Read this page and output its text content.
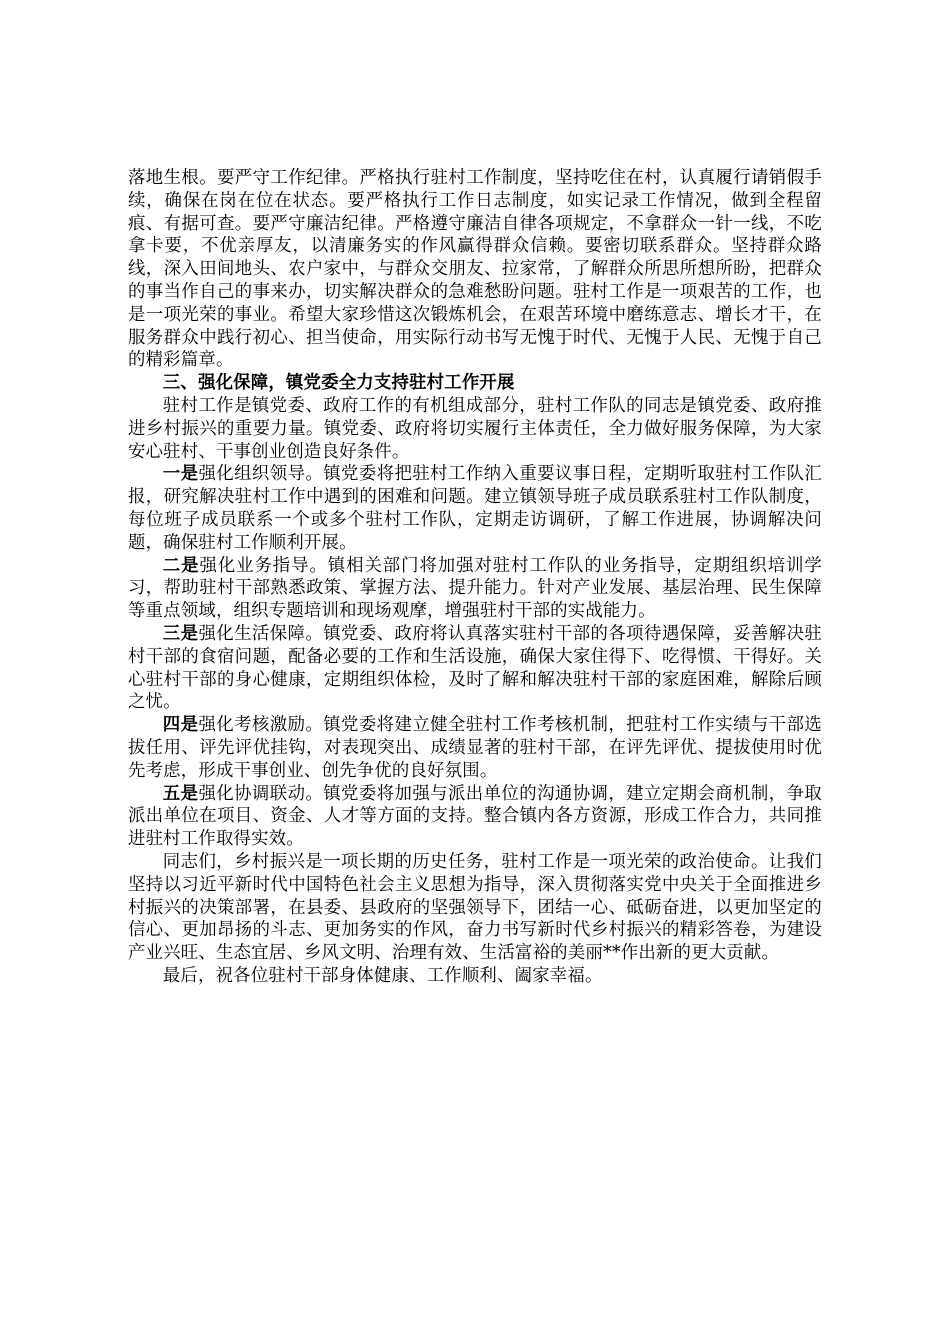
落地生根。要严守工作纪律。严格执行驻村工作制度，坚持吃住在村，认真履行请销假手续，确保在岗在位在状态。要严格执行工作日志制度，如实记录工作情况，做到全程留痕、有据可查。要严守廉洁纪律。严格遵守廉洁自律各项规定，不拿群众一针一线，不吃拿卡要，不优亲厚友，以清廉务实的作风赢得群众信赖。要密切联系群众。坚持群众路线，深入田间地头、农户家中，与群众交朋友、拉家常，了解群众所思所想所盼，把群众的事当作自己的事来办，切实解决群众的急难愁盼问题。驻村工作是一项艰苦的工作，也是一项光荣的事业。希望大家珍惜这次锻炼机会，在艰苦环境中磨练意志、增长才干，在服务群众中践行初心、担当使命，用实际行动书写无愧于时代、无愧于人民、无愧于自己的精彩篇章。

三、强化保障，镇党委全力支持驻村工作开展

驻村工作是镇党委、政府工作的有机组成部分，驻村工作队的同志是镇党委、政府推进乡村振兴的重要力量。镇党委、政府将切实履行主体责任，全力做好服务保障，为大家安心驻村、干事创业创造良好条件。

一是强化组织领导。镇党委将把驻村工作纳入重要议事日程，定期听取驻村工作队汇报，研究解决驻村工作中遇到的困难和问题。建立镇领导班子成员联系驻村工作队制度，每位班子成员联系一个或多个驻村工作队，定期走访调研，了解工作进展，协调解决问题，确保驻村工作顺利开展。

二是强化业务指导。镇相关部门将加强对驻村工作队的业务指导，定期组织培训学习，帮助驻村干部熟悉政策、掌握方法、提升能力。针对产业发展、基层治理、民生保障等重点领域，组织专题培训和现场观摩，增强驻村干部的实战能力。

三是强化生活保障。镇党委、政府将认真落实驻村干部的各项待遇保障，妥善解决驻村干部的食宿问题，配备必要的工作和生活设施，确保大家住得下、吃得惯、干得好。关心驻村干部的身心健康，定期组织体检，及时了解和解决驻村干部的家庭困难，解除后顾之忧。

四是强化考核激励。镇党委将建立健全驻村工作考核机制，把驻村工作实绩与干部选拔任用、评先评优挂钩，对表现突出、成绩显著的驻村干部，在评先评优、提拔使用时优先考虑，形成干事创业、创先争优的良好氛围。

五是强化协调联动。镇党委将加强与派出单位的沟通协调，建立定期会商机制，争取派出单位在项目、资金、人才等方面的支持。整合镇内各方资源，形成工作合力，共同推进驻村工作取得实效。

同志们，乡村振兴是一项长期的历史任务，驻村工作是一项光荣的政治使命。让我们坚持以习近平新时代中国特色社会主义思想为指导，深入贯彻落实党中央关于全面推进乡村振兴的决策部署，在县委、县政府的坚强领导下，团结一心、砥砺奋进，以更加坚定的信心、更加昂扬的斗志、更加务实的作风，奋力书写新时代乡村振兴的精彩答卷，为建设产业兴旺、生态宜居、乡风文明、治理有效、生活富裕的美丽**作出新的更大贡献。

最后，祝各位驻村干部身体健康、工作顺利、阖家幸福。
